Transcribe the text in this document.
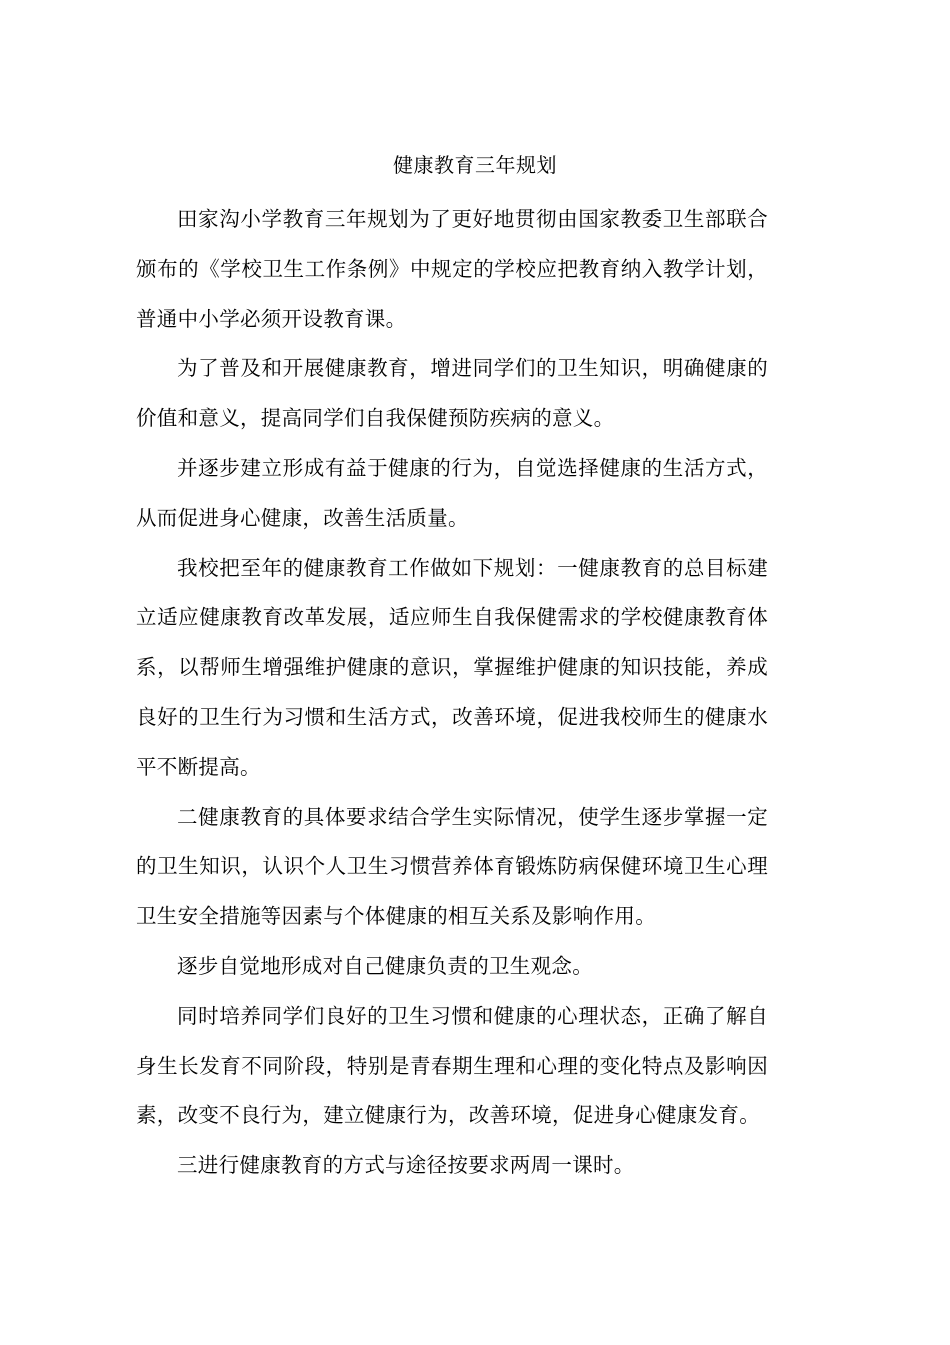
健康教育三年规划

田家沟小学教育三年规划为了更好地贯彻由国家教委卫生部联合颁布的《学校卫生工作条例》中规定的学校应把教育纳入教学计划，普通中小学必须开设教育课。

为了普及和开展健康教育，增进同学们的卫生知识，明确健康的价值和意义，提高同学们自我保健预防疾病的意义。

并逐步建立形成有益于健康的行为，自觉选择健康的生活方式，从而促进身心健康，改善生活质量。

我校把至年的健康教育工作做如下规划：一健康教育的总目标建立适应健康教育改革发展，适应师生自我保健需求的学校健康教育体系，以帮师生增强维护健康的意识，掌握维护健康的知识技能，养成良好的卫生行为习惯和生活方式，改善环境，促进我校师生的健康水平不断提高。

二健康教育的具体要求结合学生实际情况，使学生逐步掌握一定的卫生知识，认识个人卫生习惯营养体育锻炼防病保健环境卫生心理卫生安全措施等因素与个体健康的相互关系及影响作用。

逐步自觉地形成对自己健康负责的卫生观念。

同时培养同学们良好的卫生习惯和健康的心理状态，正确了解自身生长发育不同阶段，特别是青春期生理和心理的变化特点及影响因素，改变不良行为，建立健康行为，改善环境，促进身心健康发育。

三进行健康教育的方式与途径按要求两周一课时。
